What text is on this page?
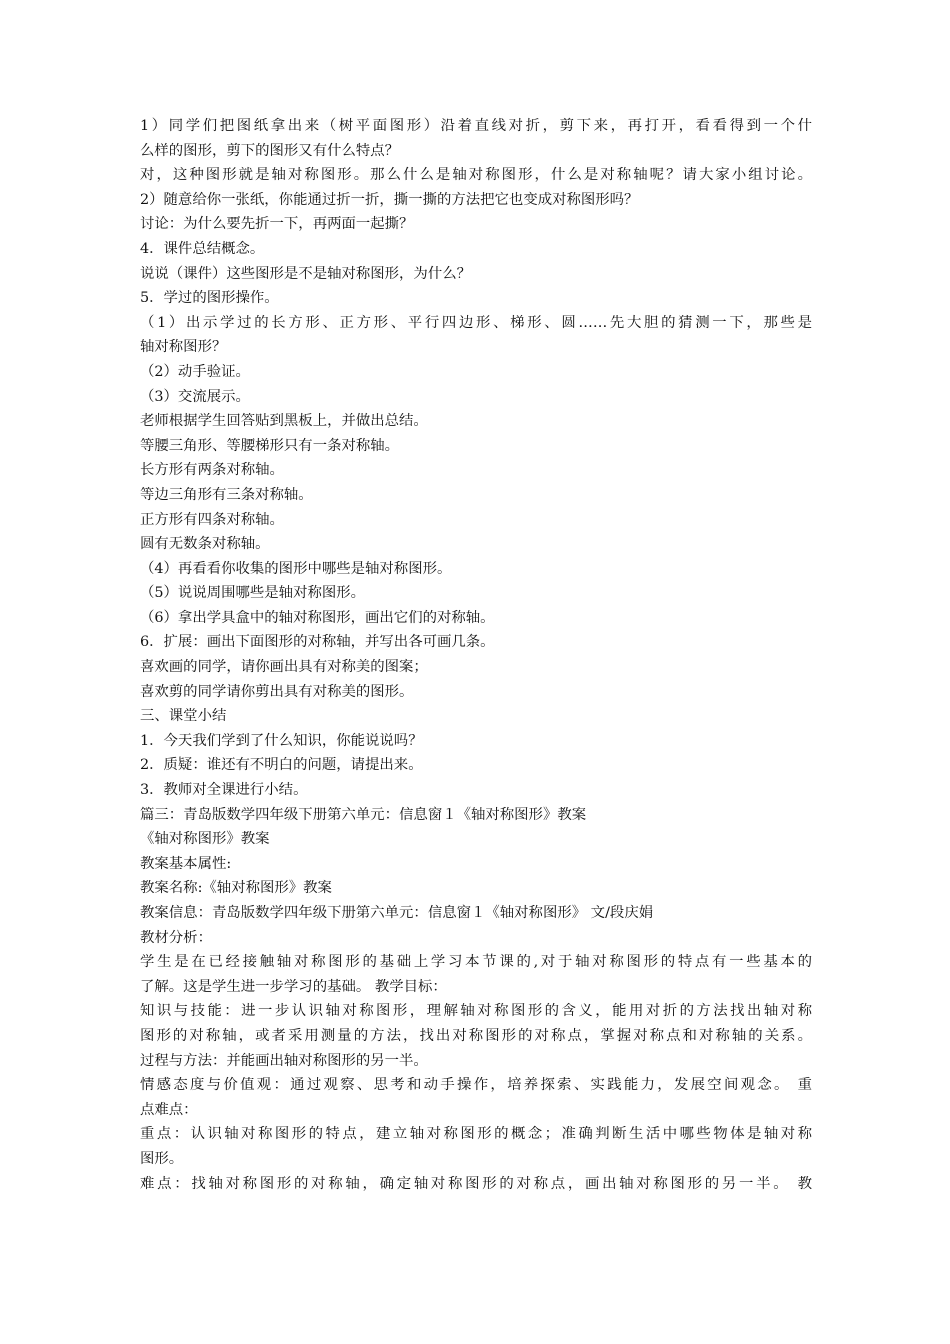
1）同学们把图纸拿出来（树平面图形）沿着直线对折，剪下来，再打开，看看得到一个什
么样的图形，剪下的图形又有什么特点？
对，这种图形就是轴对称图形。那么什么是轴对称图形，什么是对称轴呢？请大家小组讨论。
2）随意给你一张纸，你能通过折一折，撕一撕的方法把它也变成对称图形吗？
讨论：为什么要先折一下，再两面一起撕？
4．课件总结概念。
说说（课件）这些图形是不是轴对称图形，为什么？
5．学过的图形操作。
（1）出示学过的长方形、正方形、平行四边形、梯形、圆……先大胆的猜测一下，那些是
轴对称图形？
（2）动手验证。
（3）交流展示。
老师根据学生回答贴到黑板上，并做出总结。
等腰三角形、等腰梯形只有一条对称轴。
长方形有两条对称轴。
等边三角形有三条对称轴。
正方形有四条对称轴。
圆有无数条对称轴。
（4）再看看你收集的图形中哪些是轴对称图形。
（5）说说周围哪些是轴对称图形。
（6）拿出学具盒中的轴对称图形，画出它们的对称轴。
6．扩展：画出下面图形的对称轴，并写出各可画几条。
喜欢画的同学，请你画出具有对称美的图案；
喜欢剪的同学请你剪出具有对称美的图形。
三、课堂小结
1．今天我们学到了什么知识，你能说说吗？
2．质疑：谁还有不明白的问题，请提出来。
3．教师对全课进行小结。
篇三：青岛版数学四年级下册第六单元：信息窗１《轴对称图形》教案
《轴对称图形》教案
教案基本属性:
教案名称:《轴对称图形》教案
教案信息：青岛版数学四年级下册第六单元：信息窗１《轴对称图形》 文/段庆娟
教材分析：
学生是在已经接触轴对称图形的基础上学习本节课的,对于轴对称图形的特点有一些基本的
了解。这是学生进一步学习的基础。 教学目标：
知识与技能：进一步认识轴对称图形，理解轴对称图形的含义，能用对折的方法找出轴对称
图形的对称轴，或者采用测量的方法，找出对称图形的对称点，掌握对称点和对称轴的关系。
过程与方法：并能画出轴对称图形的另一半。
情感态度与价值观：通过观察、思考和动手操作，培养探索、实践能力，发展空间观念。 重
点难点：
重点：认识轴对称图形的特点，建立轴对称图形的概念；准确判断生活中哪些物体是轴对称
图形。
难点：找轴对称图形的对称轴，确定轴对称图形的对称点，画出轴对称图形的另一半。 教
